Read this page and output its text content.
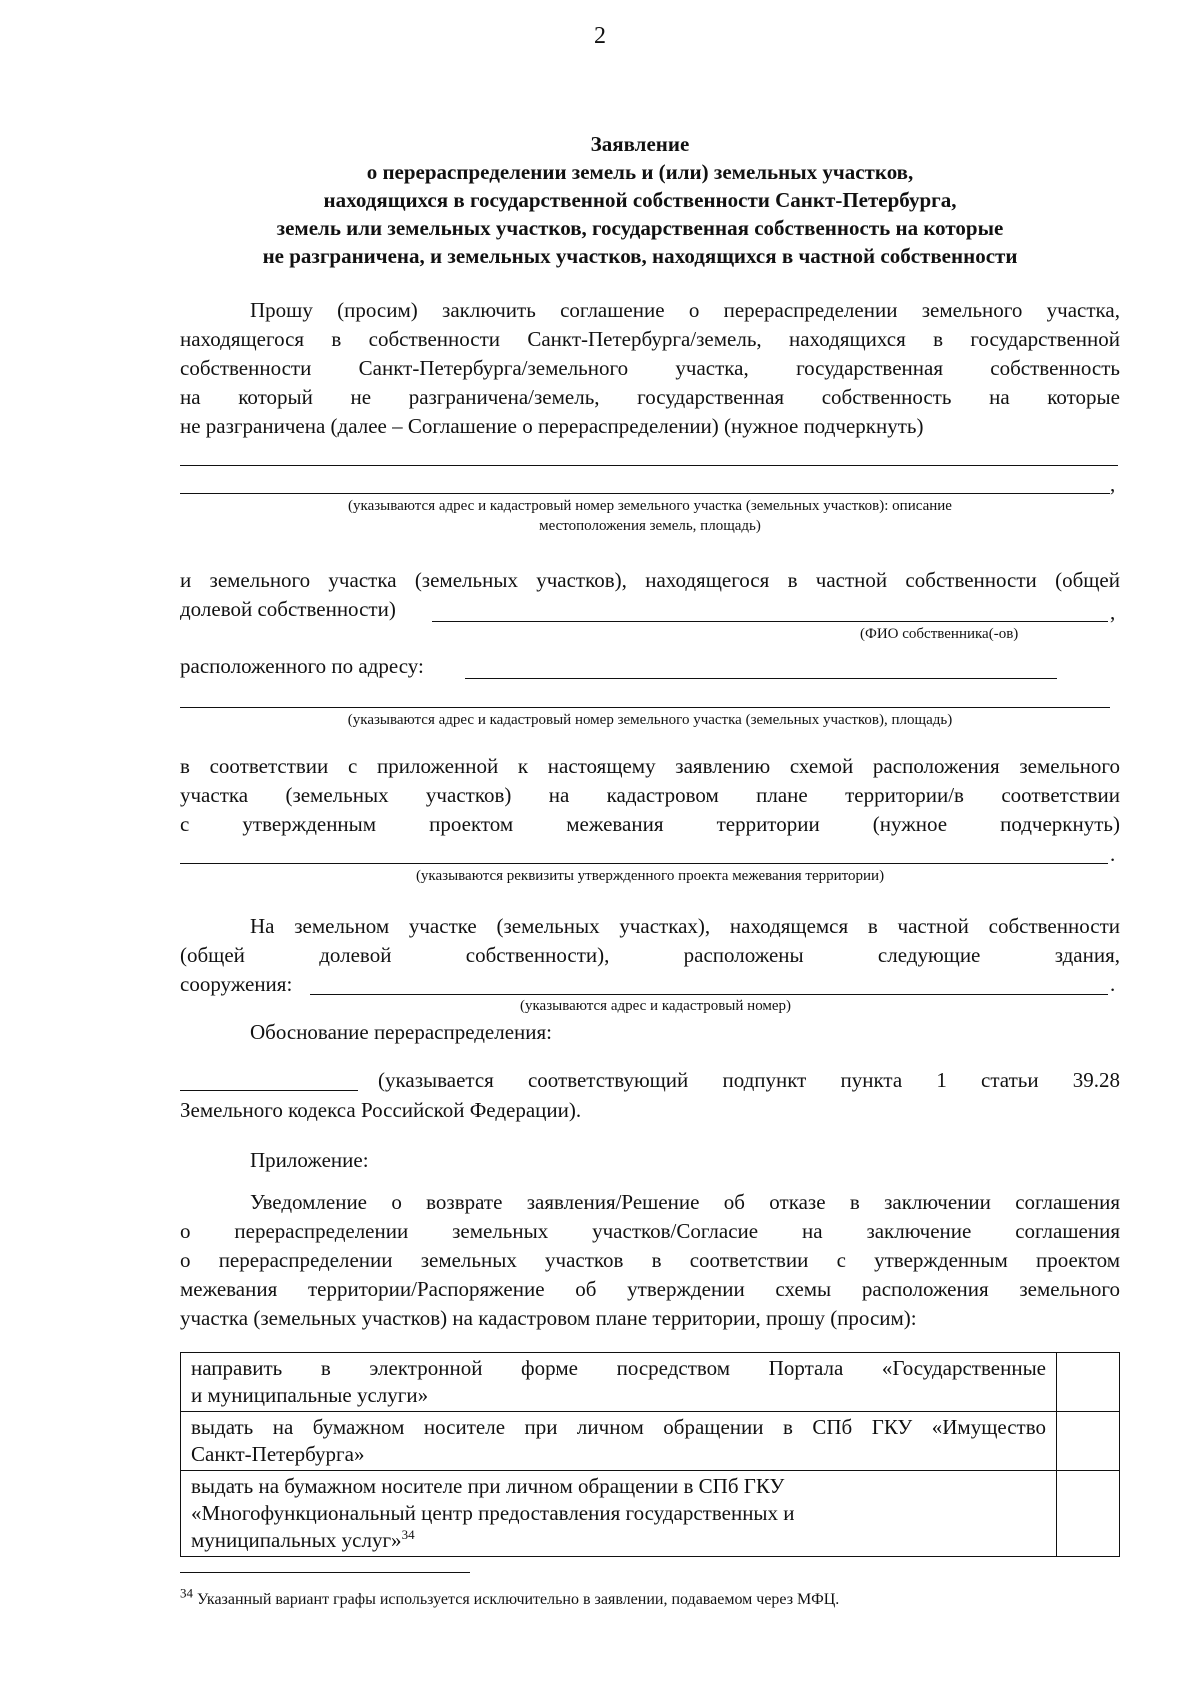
2
Заявление
о перераспределении земель и (или) земельных участков,
находящихся в государственной собственности Санкт-Петербурга,
земель или земельных участков, государственная собственность на которые
не разграничена, и земельных участков, находящихся в частной собственности
Прошу (просим) заключить соглашение о перераспределении земельного участка,
находящегося в собственности Санкт-Петербурга/земель, находящихся в государственной
собственности Санкт-Петербурга/земельного участка, государственная собственность
на который не разграничена/земель, государственная собственность на которые
не разграничена (далее – Соглашение о перераспределении) (нужное подчеркнуть)
,
(указываются адрес и кадастровый номер земельного участка (земельных участков): описание
местоположения земель, площадь)
и земельного участка (земельных участков), находящегося в частной собственности (общей
долевой собственности)	,
(ФИО собственника(-ов)
расположенного по адресу:
(указываются адрес и кадастровый номер земельного участка (земельных участков), площадь)
в соответствии с приложенной к настоящему заявлению схемой расположения земельного
участка (земельных участков) на кадастровом плане территории/в соответствии
с утвержденным проектом межевания территории (нужное подчеркнуть)
.
(указываются реквизиты утвержденного проекта межевания территории)
На земельном участке (земельных участках), находящемся в частной собственности
(общей долевой собственности), расположены следующие здания,
сооружения:	.
(указываются адрес и кадастровый номер)
Обоснование перераспределения:
(указывается соответствующий подпункт пункта 1 статьи 39.28
Земельного кодекса Российской Федерации).
Приложение:
Уведомление о возврате заявления/Решение об отказе в заключении соглашения
о перераспределении земельных участков/Согласие на заключение соглашения
о перераспределении земельных участков в соответствии с утвержденным проектом
межевания территории/Распоряжение об утверждении схемы расположения земельного
участка (земельных участков) на кадастровом плане территории, прошу (просим):
направить в электронной форме посредством Портала «Государственные
и муниципальные услуги»	

выдать на бумажном носителе при личном обращении в СПб ГКУ «Имущество
Санкт-Петербурга»	

выдать на бумажном носителе при личном обращении в СПб ГКУ
«Многофункциональный центр предоставления государственных и
муниципальных услуг»$^{34}$

$^{34}$ Указанный вариант графы используется исключительно в заявлении, подаваемом через МФЦ.
